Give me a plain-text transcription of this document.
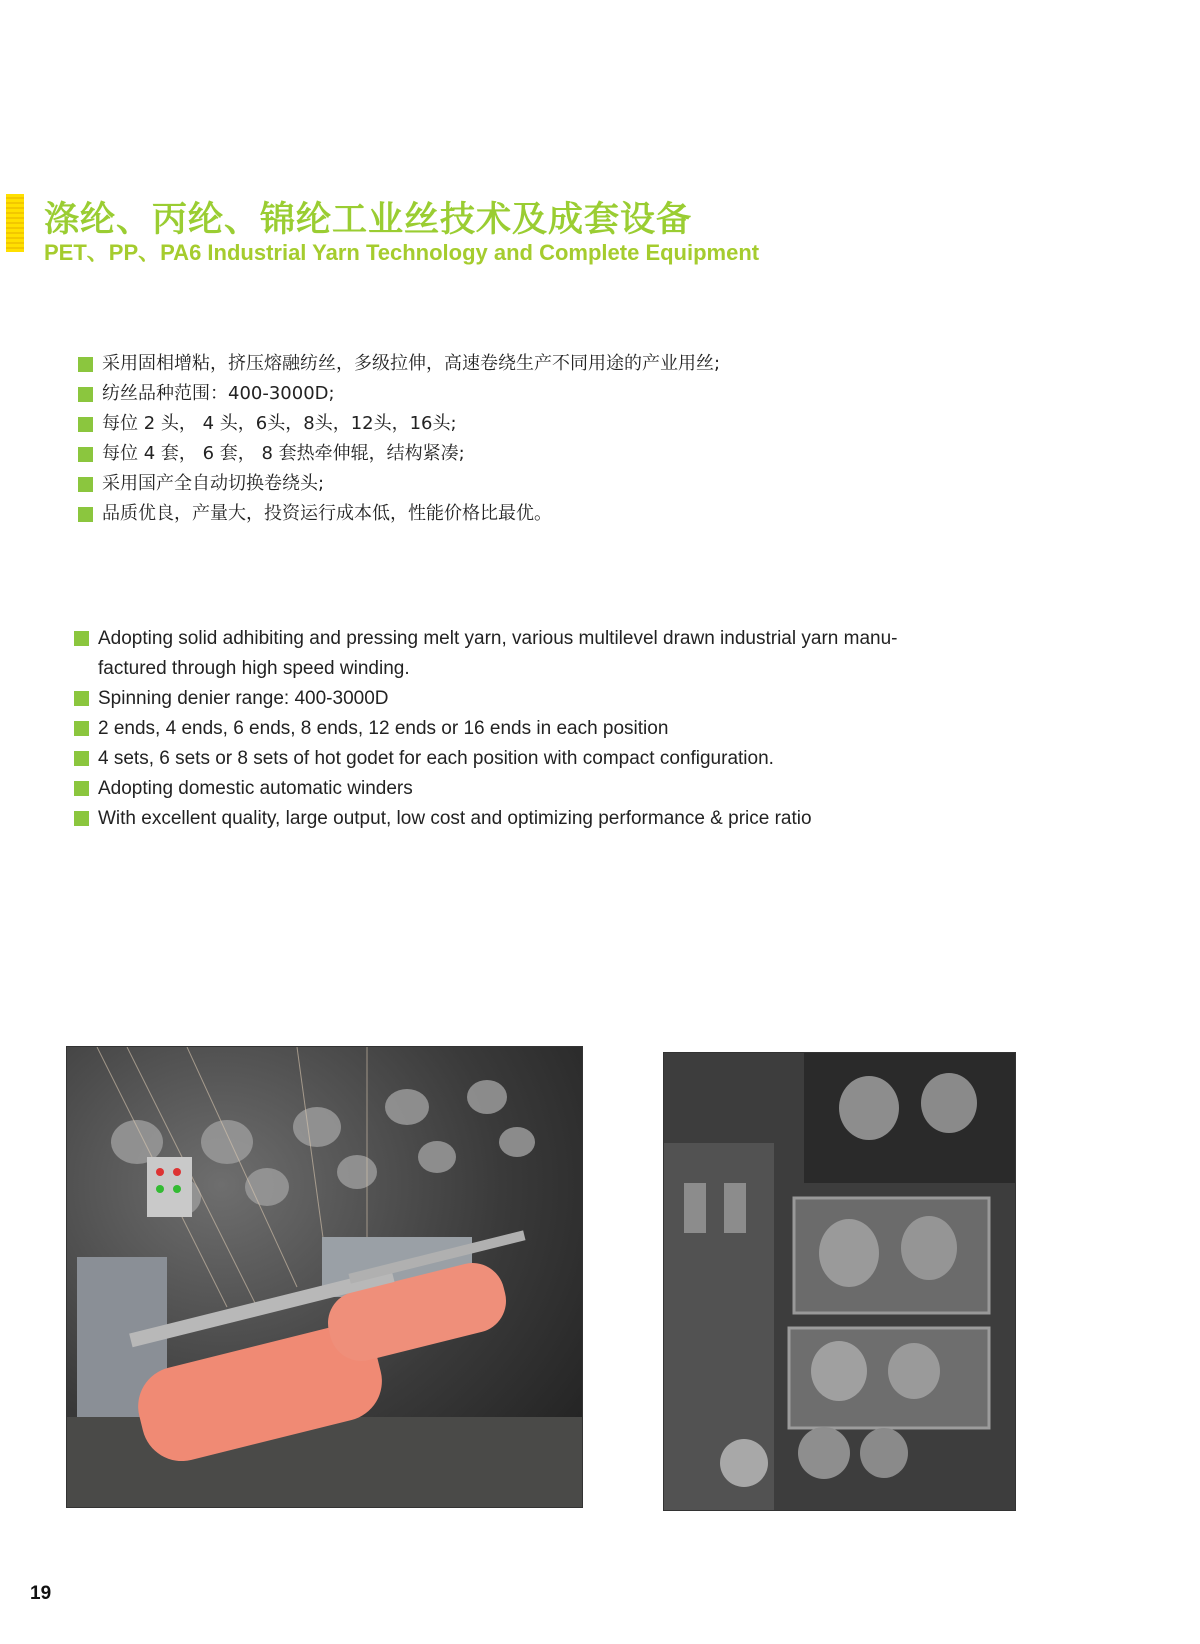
涤纶、丙纶、锦纶工业丝技术及成套设备
PET、PP、PA6 Industrial Yarn Technology and Complete Equipment
采用固相增粘，挤压熔融纺丝，多级拉伸，高速卷绕生产不同用途的产业用丝;
纺丝品种范围：400-3000D;
每位 2 头， 4 头，6头，8头，12头，16头;
每位 4 套， 6 套， 8 套热牵伸辊，结构紧凑;
采用国产全自动切换卷绕头;
品质优良，产量大，投资运行成本低，性能价格比最优。
Adopting solid adhibiting and pressing melt yarn, various multilevel drawn industrial yarn manu-
factured through high speed winding.
Spinning denier range: 400-3000D
2 ends, 4 ends, 6 ends, 8 ends, 12 ends or 16 ends in each position
4 sets, 6 sets or 8 sets of hot godet for each position with compact configuration.
Adopting domestic automatic winders
With excellent quality, large output, low cost and optimizing performance & price ratio
19
